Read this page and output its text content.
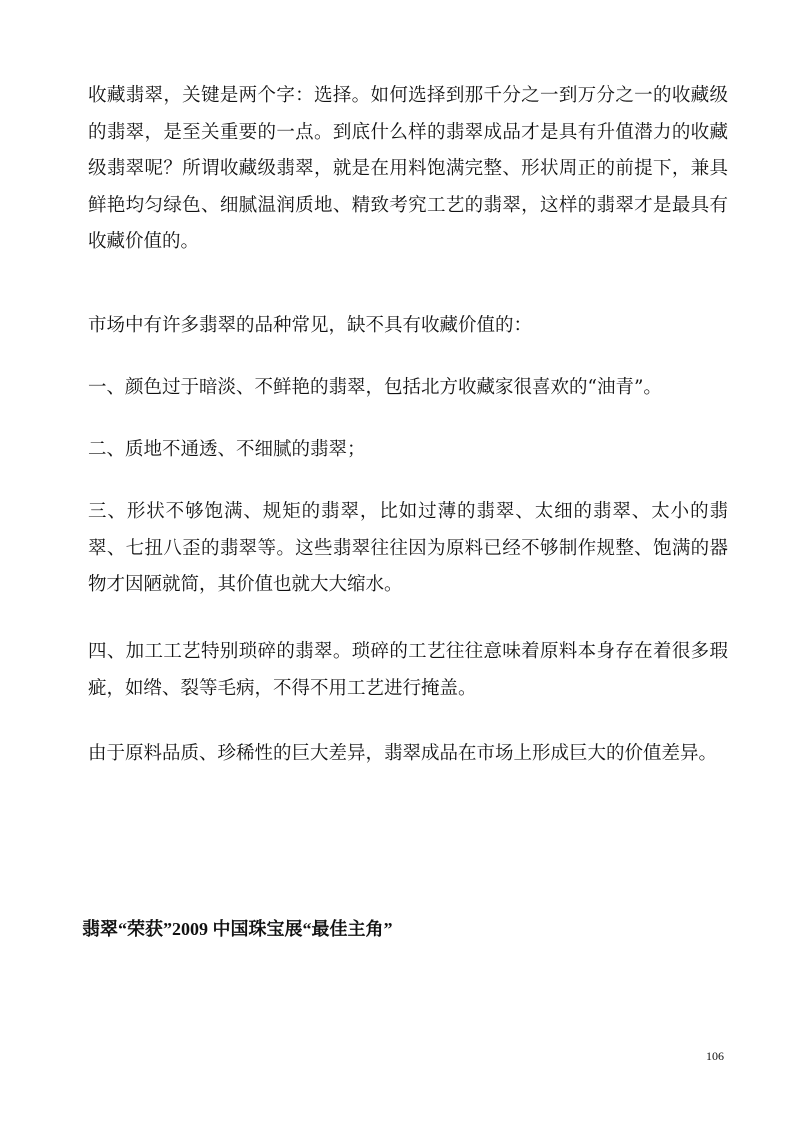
收藏翡翠，关键是两个字：选择。如何选择到那千分之一到万分之一的收藏级的翡翠，是至关重要的一点。到底什么样的翡翠成品才是具有升值潜力的收藏级翡翠呢？所谓收藏级翡翠，就是在用料饱满完整、形状周正的前提下，兼具鲜艳均匀绿色、细腻温润质地、精致考究工艺的翡翠，这样的翡翠才是最具有收藏价值的。

市场中有许多翡翠的品种常见，缺不具有收藏价值的：

一、颜色过于暗淡、不鲜艳的翡翠，包括北方收藏家很喜欢的“油青”。

二、质地不通透、不细腻的翡翠；

三、形状不够饱满、规矩的翡翠，比如过薄的翡翠、太细的翡翠、太小的翡翠、七扭八歪的翡翠等。这些翡翠往往因为原料已经不够制作规整、饱满的器物才因陋就简，其价值也就大大缩水。

四、加工工艺特别琐碎的翡翠。琐碎的工艺往往意味着原料本身存在着很多瑕疵，如绺、裂等毛病，不得不用工艺进行掩盖。

由于原料品质、珍稀性的巨大差异，翡翠成品在市场上形成巨大的价值差异。

翡翠“荣获”2009 中国珠宝展“最佳主角”
106
